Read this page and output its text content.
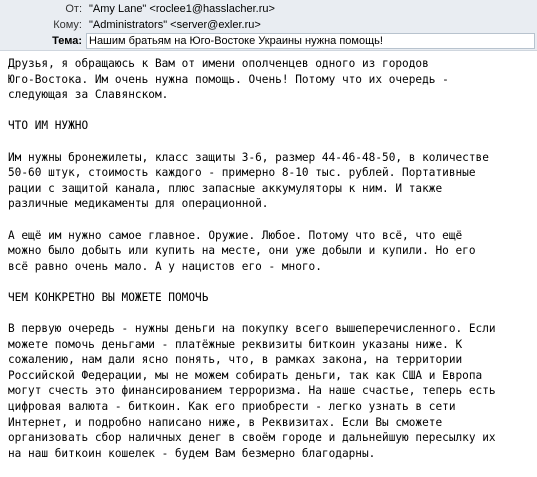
От: "Amy Lane" <roclee1@hasslacher.ru>
Кому: "Administrators" <server@exler.ru>
Тема: Нашим братьям на Юго-Востоке Украины нужна помощь!

Друзья, я обращаюсь к Вам от имени ополченцев одного из городов
Юго-Востока. Им очень нужна помощь. Очень! Потому что их очередь -
следующая за Славянском.

ЧТО ИМ НУЖНО

Им нужны бронежилеты, класс защиты 3-6, размер 44-46-48-50, в количестве
50-60 штук, стоимость каждого - примерно 8-10 тыс. рублей. Портативные
рации с защитой канала, плюс запасные аккумуляторы к ним. И также
различные медикаменты для операционной.

А ещё им нужно самое главное. Оружие. Любое. Потому что всё, что ещё
можно было добыть или купить на месте, они уже добыли и купили. Но его
всё равно очень мало. А у нацистов его - много.

ЧЕМ КОНКРЕТНО ВЫ МОЖЕТЕ ПОМОЧЬ

В первую очередь - нужны деньги на покупку всего вышеперечисленного. Если
можете помочь деньгами - платёжные реквизиты биткоин указаны ниже. К
сожалению, нам дали ясно понять, что, в рамках закона, на территории
Российской Федерации, мы не можем собирать деньги, так как США и Европа
могут счесть это финансированием терроризма. На наше счастье, теперь есть
цифровая валюта - биткоин. Как его приобрести - легко узнать в сети
Интернет, и подробно написано ниже, в Реквизитах. Если Вы сможете
организовать сбор наличных денег в своём городе и дальнейшую пересылку их
на наш биткоин кошелек - будем Вам безмерно благодарны.
